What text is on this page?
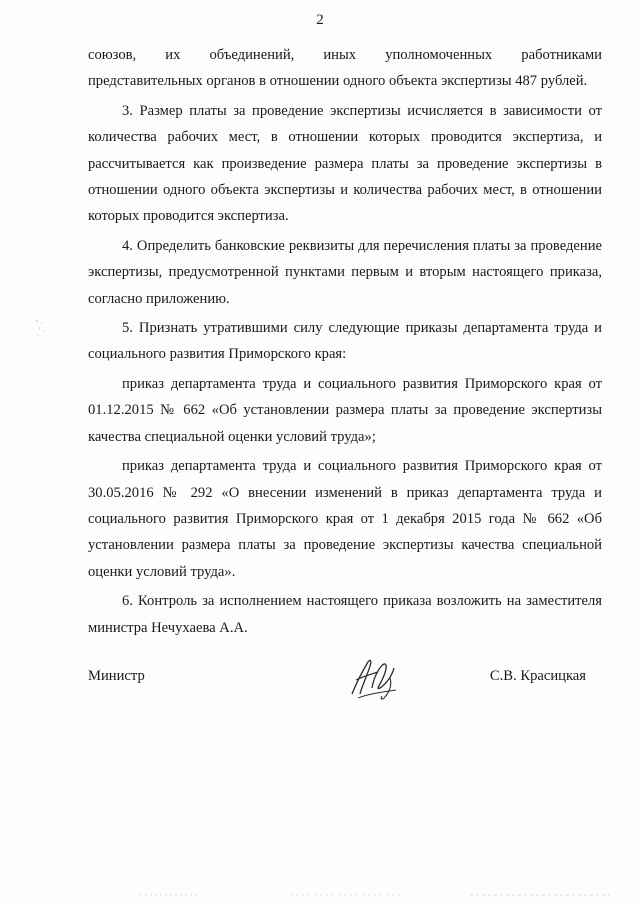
2

союзов, их объединений, иных уполномоченных работниками
представительных органов в отношении одного объекта экспертизы 487 рублей.

3. Размер платы за проведение экспертизы исчисляется в зависимости от количества рабочих мест, в отношении которых проводится экспертиза, и рассчитывается как произведение размера платы за проведение экспертизы в отношении одного объекта экспертизы и количества рабочих мест, в отношении которых проводится экспертиза.

4. Определить банковские реквизиты для перечисления платы за проведение экспертизы, предусмотренной пунктами первым и вторым настоящего приказа, согласно приложению.

5. Признать утратившими силу следующие приказы департамента труда и социального развития Приморского края:

приказ департамента труда и социального развития Приморского края от 01.12.2015 № 662 «Об установлении размера платы за проведение экспертизы качества специальной оценки условий труда»;

приказ департамента труда и социального развития Приморского края от 30.05.2016 № 292 «О внесении изменений в приказ департамента труда и социального развития Приморского края от 1 декабря 2015 года № 662 «Об установлении размера платы за проведение экспертизы качества специальной оценки условий труда».

6. Контроль за исполнением настоящего приказа возложить на заместителя министра Нечухаева А.А.

Министр	С.В. Красицкая
